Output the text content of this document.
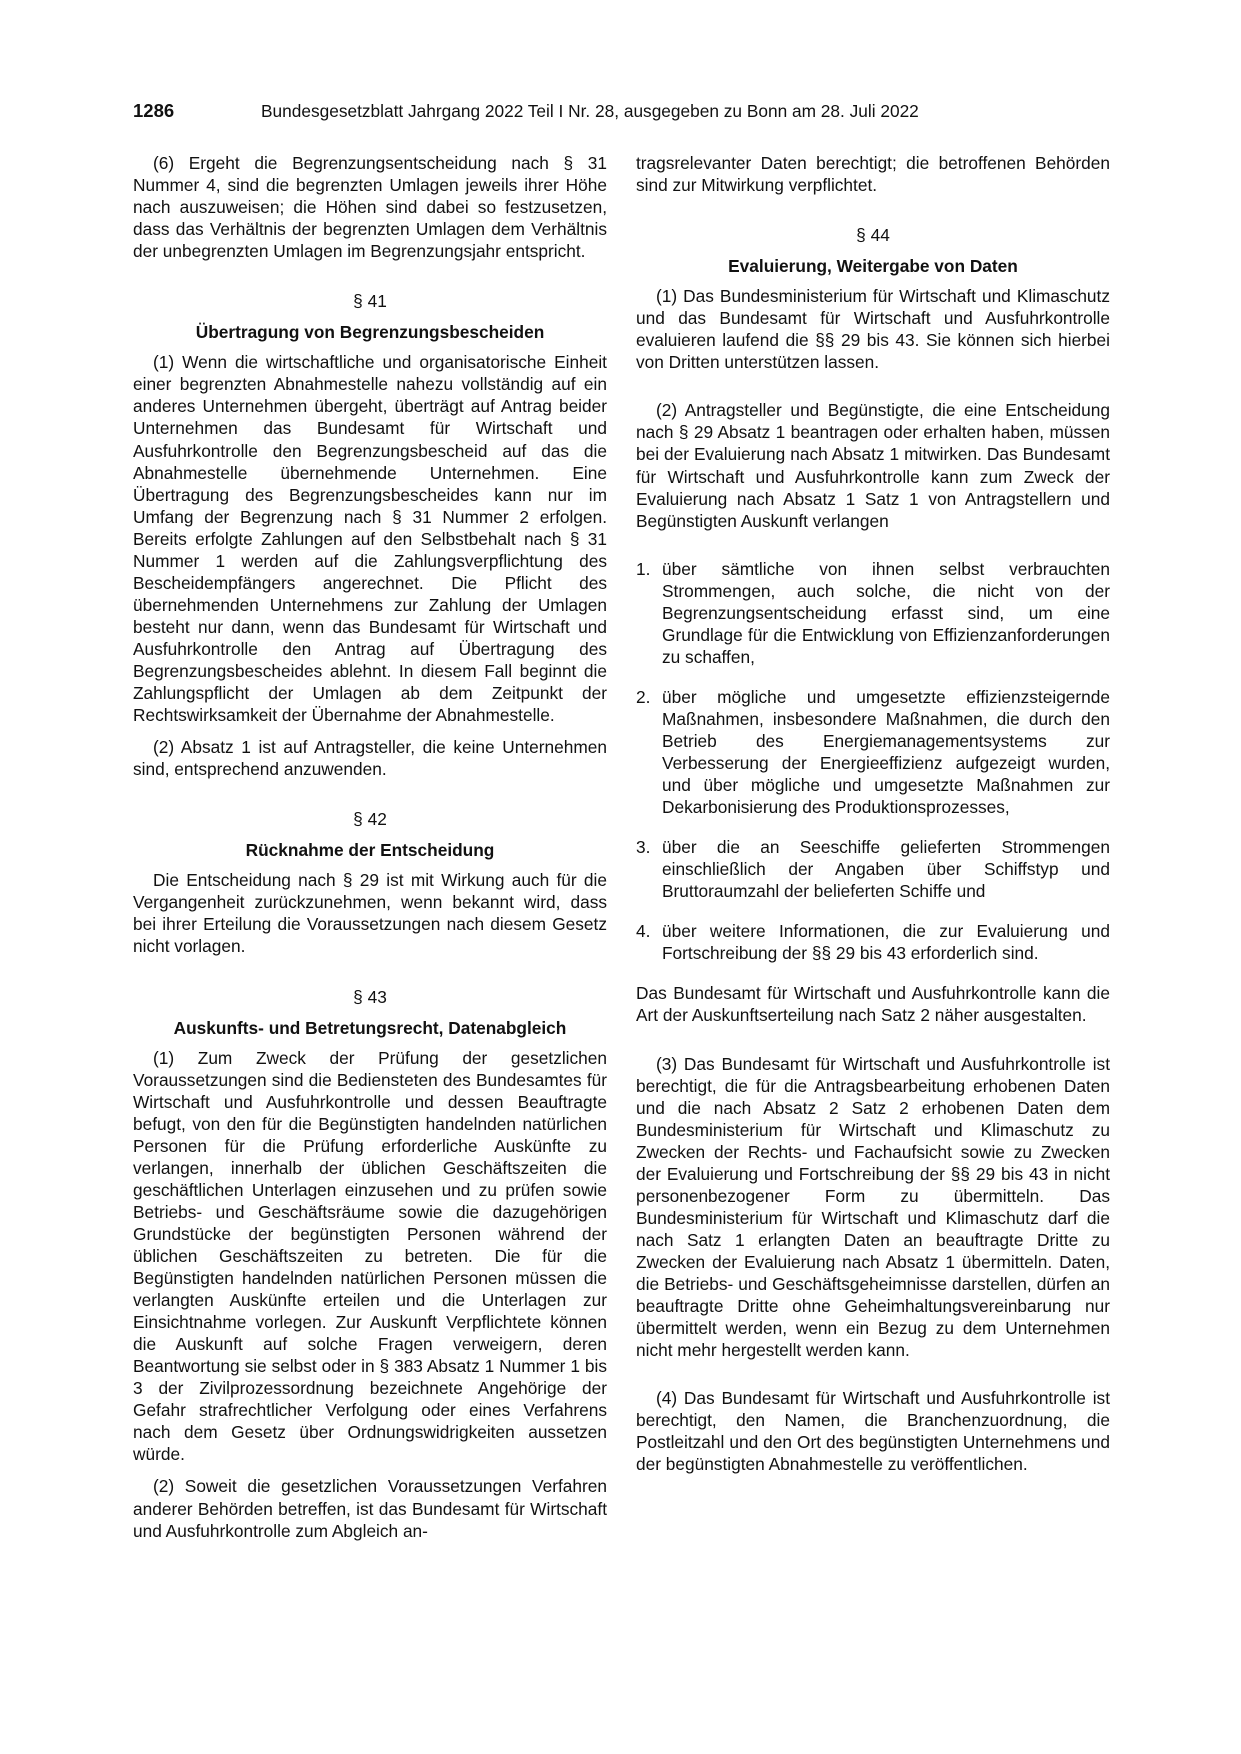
1286	Bundesgesetzblatt Jahrgang 2022 Teil I Nr. 28, ausgegeben zu Bonn am 28. Juli 2022

(6) Ergeht die Begrenzungsentscheidung nach § 31 Nummer 4, sind die begrenzten Umlagen jeweils ihrer Höhe nach auszuweisen; die Höhen sind dabei so festzusetzen, dass das Verhältnis der begrenzten Umlagen dem Verhältnis der unbegrenzten Umlagen im Begrenzungsjahr entspricht.

§ 41
Übertragung von Begrenzungsbescheiden

(1) Wenn die wirtschaftliche und organisatorische Einheit einer begrenzten Abnahmestelle nahezu vollständig auf ein anderes Unternehmen übergeht, überträgt auf Antrag beider Unternehmen das Bundesamt für Wirtschaft und Ausfuhrkontrolle den Begrenzungsbescheid auf das die Abnahmestelle übernehmende Unternehmen. Eine Übertragung des Begrenzungsbescheides kann nur im Umfang der Begrenzung nach § 31 Nummer 2 erfolgen. Bereits erfolgte Zahlungen auf den Selbstbehalt nach § 31 Nummer 1 werden auf die Zahlungsverpflichtung des Bescheidempfängers angerechnet. Die Pflicht des übernehmenden Unternehmens zur Zahlung der Umlagen besteht nur dann, wenn das Bundesamt für Wirtschaft und Ausfuhrkontrolle den Antrag auf Übertragung des Begrenzungsbescheides ablehnt. In diesem Fall beginnt die Zahlungspflicht der Umlagen ab dem Zeitpunkt der Rechtswirksamkeit der Übernahme der Abnahmestelle.

(2) Absatz 1 ist auf Antragsteller, die keine Unternehmen sind, entsprechend anzuwenden.

§ 42
Rücknahme der Entscheidung

Die Entscheidung nach § 29 ist mit Wirkung auch für die Vergangenheit zurückzunehmen, wenn bekannt wird, dass bei ihrer Erteilung die Voraussetzungen nach diesem Gesetz nicht vorlagen.

§ 43
Auskunfts- und Betretungsrecht, Datenabgleich

(1) Zum Zweck der Prüfung der gesetzlichen Voraussetzungen sind die Bediensteten des Bundesamtes für Wirtschaft und Ausfuhrkontrolle und dessen Beauftragte befugt, von den für die Begünstigten handelnden natürlichen Personen für die Prüfung erforderliche Auskünfte zu verlangen, innerhalb der üblichen Geschäftszeiten die geschäftlichen Unterlagen einzusehen und zu prüfen sowie Betriebs- und Geschäftsräume sowie die dazugehörigen Grundstücke der begünstigten Personen während der üblichen Geschäftszeiten zu betreten. Die für die Begünstigten handelnden natürlichen Personen müssen die verlangten Auskünfte erteilen und die Unterlagen zur Einsichtnahme vorlegen. Zur Auskunft Verpflichtete können die Auskunft auf solche Fragen verweigern, deren Beantwortung sie selbst oder in § 383 Absatz 1 Nummer 1 bis 3 der Zivilprozessordnung bezeichnete Angehörige der Gefahr strafrechtlicher Verfolgung oder eines Verfahrens nach dem Gesetz über Ordnungswidrigkeiten aussetzen würde.

(2) Soweit die gesetzlichen Voraussetzungen Verfahren anderer Behörden betreffen, ist das Bundesamt für Wirtschaft und Ausfuhrkontrolle zum Abgleich an-

tragsrelevanter Daten berechtigt; die betroffenen Behörden sind zur Mitwirkung verpflichtet.

§ 44
Evaluierung, Weitergabe von Daten

(1) Das Bundesministerium für Wirtschaft und Klimaschutz und das Bundesamt für Wirtschaft und Ausfuhrkontrolle evaluieren laufend die §§ 29 bis 43. Sie können sich hierbei von Dritten unterstützen lassen.

(2) Antragsteller und Begünstigte, die eine Entscheidung nach § 29 Absatz 1 beantragen oder erhalten haben, müssen bei der Evaluierung nach Absatz 1 mitwirken. Das Bundesamt für Wirtschaft und Ausfuhrkontrolle kann zum Zweck der Evaluierung nach Absatz 1 Satz 1 von Antragstellern und Begünstigten Auskunft verlangen

1. über sämtliche von ihnen selbst verbrauchten Strommengen, auch solche, die nicht von der Begrenzungsentscheidung erfasst sind, um eine Grundlage für die Entwicklung von Effizienzanforderungen zu schaffen,
2. über mögliche und umgesetzte effizienzsteigernde Maßnahmen, insbesondere Maßnahmen, die durch den Betrieb des Energiemanagementsystems zur Verbesserung der Energieeffizienz aufgezeigt wurden, und über mögliche und umgesetzte Maßnahmen zur Dekarbonisierung des Produktionsprozesses,
3. über die an Seeschiffe gelieferten Strommengen einschließlich der Angaben über Schiffstyp und Bruttoraumzahl der belieferten Schiffe und
4. über weitere Informationen, die zur Evaluierung und Fortschreibung der §§ 29 bis 43 erforderlich sind.

Das Bundesamt für Wirtschaft und Ausfuhrkontrolle kann die Art der Auskunftserteilung nach Satz 2 näher ausgestalten.

(3) Das Bundesamt für Wirtschaft und Ausfuhrkontrolle ist berechtigt, die für die Antragsbearbeitung erhobenen Daten und die nach Absatz 2 Satz 2 erhobenen Daten dem Bundesministerium für Wirtschaft und Klimaschutz zu Zwecken der Rechts- und Fachaufsicht sowie zu Zwecken der Evaluierung und Fortschreibung der §§ 29 bis 43 in nicht personenbezogener Form zu übermitteln. Das Bundesministerium für Wirtschaft und Klimaschutz darf die nach Satz 1 erlangten Daten an beauftragte Dritte zu Zwecken der Evaluierung nach Absatz 1 übermitteln. Daten, die Betriebs- und Geschäftsgeheimnisse darstellen, dürfen an beauftragte Dritte ohne Geheimhaltungsvereinbarung nur übermittelt werden, wenn ein Bezug zu dem Unternehmen nicht mehr hergestellt werden kann.

(4) Das Bundesamt für Wirtschaft und Ausfuhrkontrolle ist berechtigt, den Namen, die Branchenzuordnung, die Postleitzahl und den Ort des begünstigten Unternehmens und der begünstigten Abnahmestelle zu veröffentlichen.
